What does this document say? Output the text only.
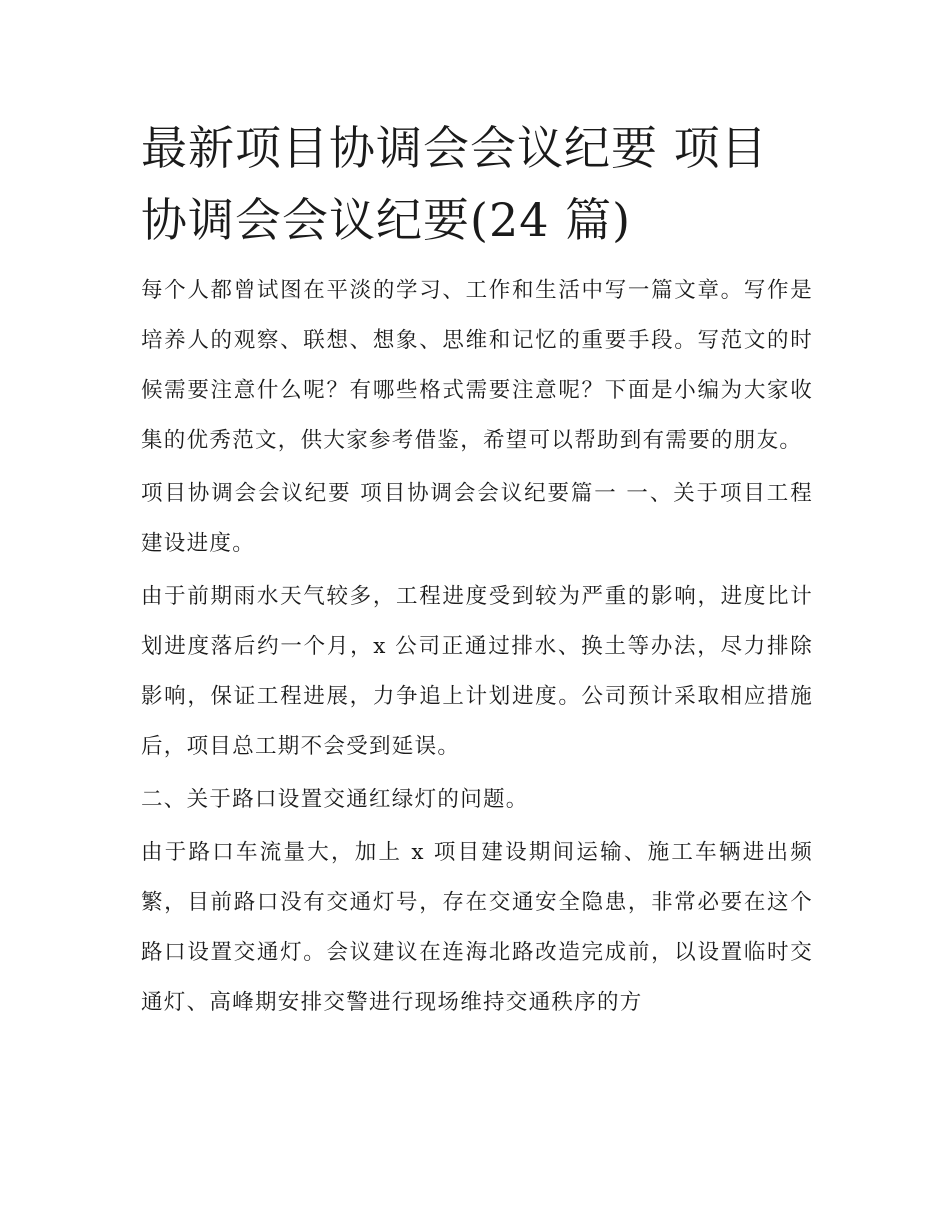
最新项目协调会会议纪要 项目协调会会议纪要(24 篇)

每个人都曾试图在平淡的学习、工作和生活中写一篇文章。写作是培养人的观察、联想、想象、思维和记忆的重要手段。写范文的时候需要注意什么呢？有哪些格式需要注意呢？下面是小编为大家收集的优秀范文，供大家参考借鉴，希望可以帮助到有需要的朋友。

项目协调会会议纪要 项目协调会会议纪要篇一 一、关于项目工程建设进度。

由于前期雨水天气较多，工程进度受到较为严重的影响，进度比计划进度落后约一个月，x 公司正通过排水、换土等办法，尽力排除影响，保证工程进展，力争追上计划进度。公司预计采取相应措施后，项目总工期不会受到延误。

二、关于路口设置交通红绿灯的问题。

由于路口车流量大，加上 x 项目建设期间运输、施工车辆进出频繁，目前路口没有交通灯号，存在交通安全隐患，非常必要在这个路口设置交通灯。会议建议在连海北路改造完成前，以设置临时交通灯、高峰期安排交警进行现场维持交通秩序的方
